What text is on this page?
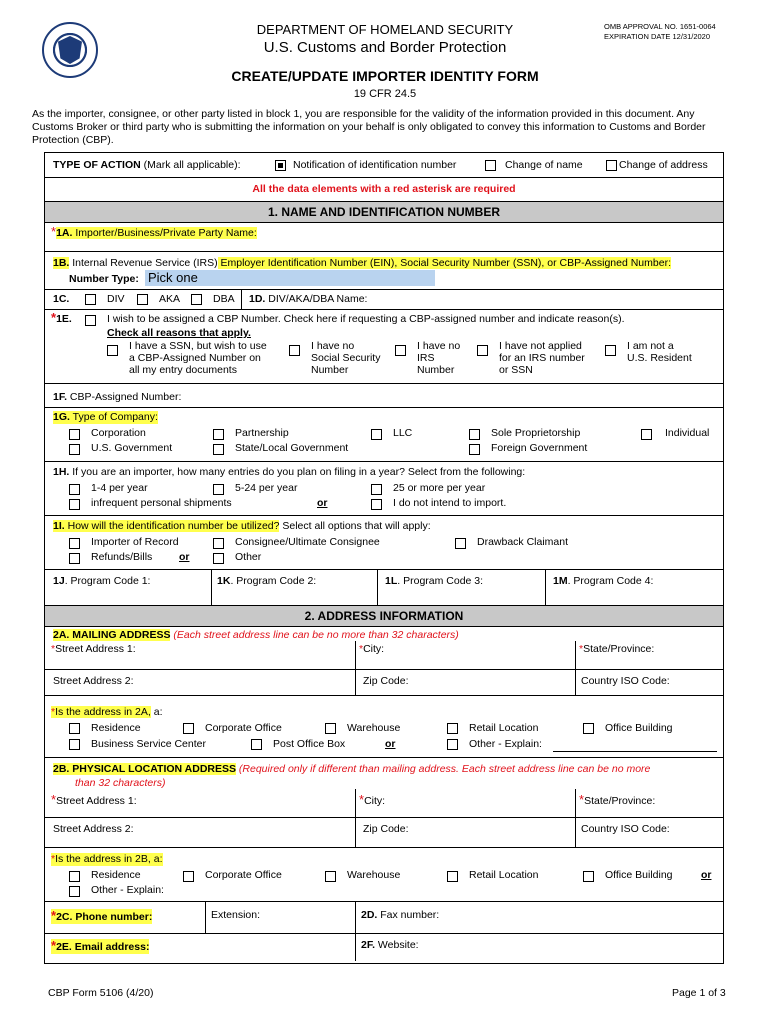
DEPARTMENT OF HOMELAND SECURITY
U.S. Customs and Border Protection
OMB APPROVAL NO. 1651-0064
EXPIRATION DATE 12/31/2020
CREATE/UPDATE IMPORTER IDENTITY FORM
19 CFR 24.5
As the importer, consignee, or other party listed in block 1, you are responsible for the validity of the information provided in this document. Any Customs Broker or third party who is submitting the information on your behalf is only obligated to convey this information to Customs and Border Protection (CBP).
TYPE OF ACTION (Mark all applicable):	Notification of identification number	Change of name	Change of address
All the data elements with a red asterisk are required
1. NAME AND IDENTIFICATION NUMBER
*1A. Importer/Business/Private Party Name:
1B. Internal Revenue Service (IRS) Employer Identification Number (EIN), Social Security Number (SSN), or CBP-Assigned Number:
Number Type: Pick one
1C.	DIV	AKA	DBA 1D. DIV/AKA/DBA Name:
*1E.	I wish to be assigned a CBP Number. Check here if requesting a CBP-assigned number and indicate reason(s).
Check all reasons that apply.
I have a SSN, but wish to use
a CBP-Assigned Number on
all my entry documents
I have no
Social Security
Number
I have no
IRS
Number
I have not applied
for an IRS number
or SSN
I am not a
U.S. Resident
1F. CBP-Assigned Number:
1G. Type of Company:
Corporation	Partnership	LLC	Sole Proprietorship	Individual
U.S. Government	State/Local Government	Foreign Government
1H. If you are an importer, how many entries do you plan on filing in a year? Select from the following:
1-4 per year	5-24 per year	25 or more per year
infrequent personal shipments	or	I do not intend to import.
1I. How will the identification number be utilized? Select all options that will apply:
Importer of Record	Consignee/Ultimate Consignee	Drawback Claimant
Refunds/Bills	or	Other
1J. Program Code 1:	1K. Program Code 2:	1L. Program Code 3:	1M. Program Code 4:
2. ADDRESS INFORMATION
2A. MAILING ADDRESS (Each street address line can be no more than 32 characters)
*Street Address 1:	*City:	*State/Province:
Street Address 2:	Zip Code:	Country ISO Code:
*Is the address in 2A, a:
Residence	Corporate Office	Warehouse	Retail Location	Office Building
Business Service Center	Post Office Box	or	Other - Explain:
2B. PHYSICAL LOCATION ADDRESS (Required only if different than mailing address. Each street address line can be no more
than 32 characters)
*Street Address 1:	*City:	*State/Province:
Street Address 2:	Zip Code:	Country ISO Code:
*Is the address in 2B, a:
Residence	Corporate Office	Warehouse	Retail Location	Office Building	or
Other - Explain:
*2C. Phone number:	Extension:	2D. Fax number:
*2E. Email address:	2F. Website:
CBP Form 5106 (4/20)	Page 1 of 3
